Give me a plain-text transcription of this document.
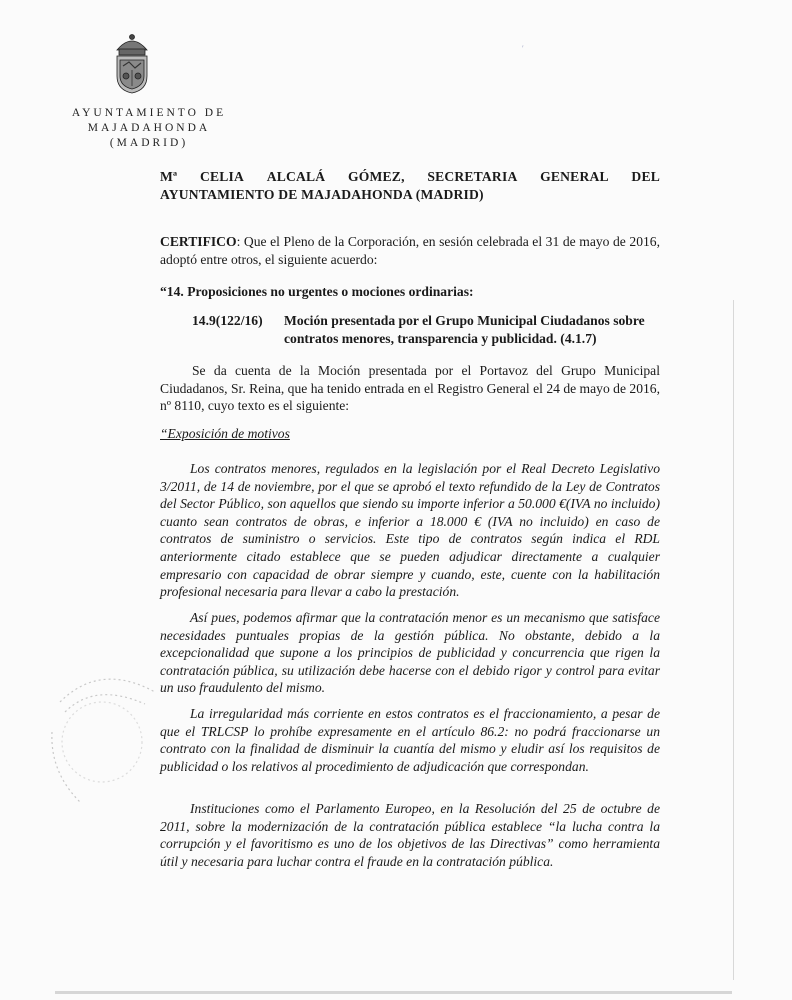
′
AYUNTAMIENTO DE
MAJADAHONDA
(MADRID)
Mª CELIA ALCALÁ GÓMEZ, SECRETARIA GENERAL DEL
AYUNTAMIENTO DE MAJADAHONDA (MADRID)
CERTIFICO: Que el Pleno de la Corporación, en sesión celebrada el 31 de mayo de 2016, adoptó entre otros, el siguiente acuerdo:
“14. Proposiciones no urgentes o mociones ordinarias:
14.9(122/16)	Moción presentada por el Grupo Municipal Ciudadanos sobre contratos menores, transparencia y publicidad. (4.1.7)
Se da cuenta de la Moción presentada por el Portavoz del Grupo Municipal Ciudadanos, Sr. Reina, que ha tenido entrada en el Registro General el 24 de mayo de 2016, nº 8110, cuyo texto es el siguiente:
“Exposición de motivos
Los contratos menores, regulados en la legislación por el Real Decreto Legislativo 3/2011, de 14 de noviembre, por el que se aprobó el texto refundido de la Ley de Contratos del Sector Público, son aquellos que siendo su importe inferior a 50.000 €(IVA no incluido) cuanto sean contratos de obras, e inferior a 18.000 € (IVA no incluido) en caso de contratos de suministro o servicios. Este tipo de contratos según indica el RDL anteriormente citado establece que se pueden adjudicar directamente a cualquier empresario con capacidad de obrar siempre y cuando, este, cuente con la habilitación profesional necesaria para llevar a cabo la prestación.
Así pues, podemos afirmar que la contratación menor es un mecanismo que satisface necesidades puntuales propias de la gestión pública. No obstante, debido a la excepcionalidad que supone a los principios de publicidad y concurrencia que rigen la contratación pública, su utilización debe hacerse con el debido rigor y control para evitar un uso fraudulento del mismo.
La irregularidad más corriente en estos contratos es el fraccionamiento, a pesar de que el TRLCSP lo prohíbe expresamente en el artículo 86.2: no podrá fraccionarse un contrato con la finalidad de disminuir la cuantía del mismo y eludir así los requisitos de publicidad o los relativos al procedimiento de adjudicación que correspondan.
Instituciones como el Parlamento Europeo, en la Resolución del 25 de octubre de 2011, sobre la modernización de la contratación pública establece “la lucha contra la corrupción y el favoritismo es uno de los objetivos de las Directivas” como herramienta útil y necesaria para luchar contra el fraude en la contratación pública.
